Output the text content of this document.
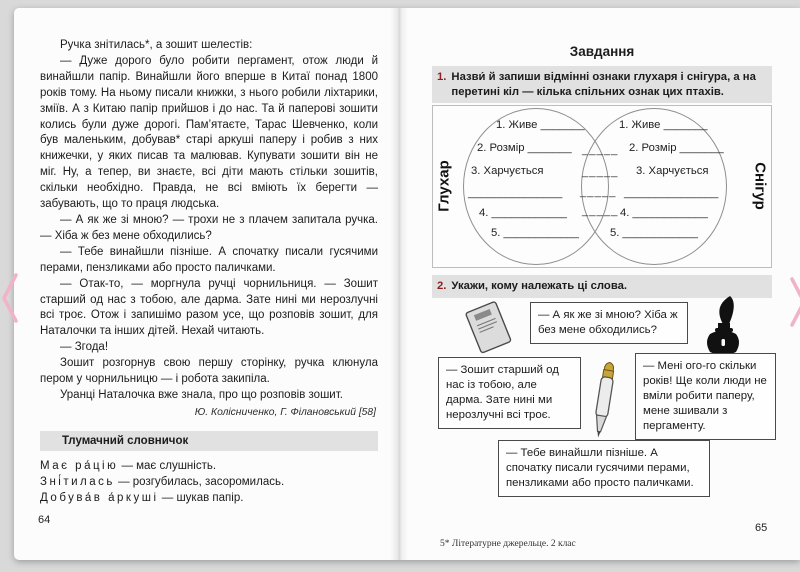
Ручка знітилась*, а зошит шелестів:

— Дуже дорого було робити пергамент, отож люди й винайшли папір. Винайшли його вперше в Китаї понад 1800 років тому. На ньому писали книжки, з нього робили ліхтарики, зміїв. А з Китаю папір прийшов і до нас. Та й паперові зошити колись були дуже дорогі. Пам’ятаєте, Тарас Шевченко, коли був маленьким, добував* старі аркуші паперу і робив з них книжечки, у яких писав та малював. Купувати зошити він не міг. Ну, а тепер, ви знаєте, всі діти мають стільки зошитів, скільки необхідно. Правда, не всі вміють їх берегти — забувають, що то праця людська.

— А як же зі мною? — трохи не з плачем запитала ручка. — Хіба ж без мене обходились?

— Тебе винайшли пізніше. А спочатку писали гусячими перами, пензликами або просто паличками.

— Отак-то, — моргнула ручці чорнильниця. — Зошит старший од нас з тобою, але дарма. Зате нині ми нерозлучні всі троє. Отож і запишімо разом усе, що розповів зошит, для Наталочки та інших дітей. Нехай читають.

— Згода!

Зошит розгорнув свою першу сторінку, ручка клюнула пером у чорнильницю — і робота закипіла.

Уранці Наталочка вже знала, про що розповів зошит.

Ю. Колісниченко, Г. Філановський [58]
Тлумачний словничок
Має ра́цію — має слушність.
Зні́тилась — розгубилась, засоромилась.
Добува́в а́ркуші — шукав папір.
64
Завдання
1. Назви́ й запиши відмінні ознаки глухаря і снігура, а на перетині кіл — кілька спільних ознак цих птахів.
Глухар	Снігур
1. Живе _______
2. Розмір _______
3. Харчується
_______________
4. ____________
5. ____________
1. Живе _______
2. Розмір _______
3. Харчується
_______________
4. ____________
5. ____________
_____
_____
_____
_____
2. Укажи, кому належать ці слова.
— А як же зі мною? Хіба ж без мене обходились?
— Зошит старший од нас із тобою, але дарма. Зате нині ми нерозлучні всі троє.
— Мені ого-го скільки років! Ще коли люди не вміли робити паперу, мене зшивали з пергаменту.
— Тебе винайшли пізніше. А спочатку писали гусячими перами, пензликами або просто паличками.
5* Літературне джерельце. 2 клас
65
